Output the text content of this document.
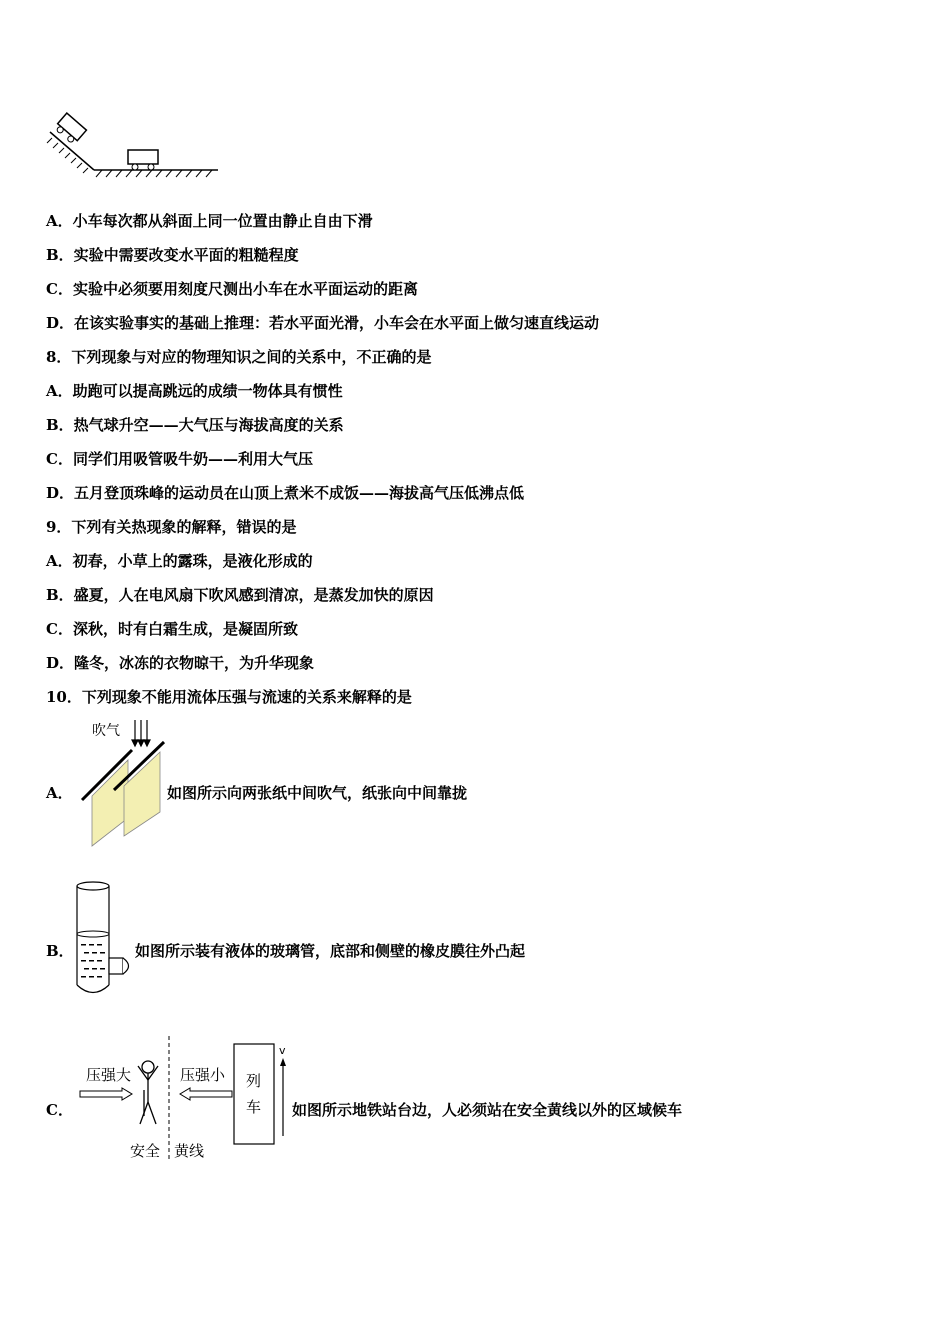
A．小车每次都从斜面上同一位置由静止自由下滑
B．实验中需要改变水平面的粗糙程度
C．实验中必须要用刻度尺测出小车在水平面运动的距离
D．在该实验事实的基础上推理：若水平面光滑，小车会在水平面上做匀速直线运动
8．下列现象与对应的物理知识之间的关系中，不正确的是
A．助跑可以提高跳远的成绩一物体具有惯性
B．热气球升空——大气压与海拔高度的关系
C．同学们用吸管吸牛奶——利用大气压
D．五月登顶珠峰的运动员在山顶上煮米不成饭——海拔高气压低沸点低
9．下列有关热现象的解释，错误的是
A．初春，小草上的露珠，是液化形成的
B．盛夏，人在电风扇下吹风感到清凉，是蒸发加快的原因
C．深秋，时有白霜生成，是凝固所致
D．隆冬，冰冻的衣物晾干，为升华现象
10．下列现象不能用流体压强与流速的关系来解释的是
A．
吹气
如图所示向两张纸中间吹气，纸张向中间靠拢
B．	如图所示装有液体的玻璃管，底部和侧壁的橡皮膜往外凸起
C．
压强大	压强小 列
车
v
安全 黄线
如图所示地铁站台边，人必须站在安全黄线以外的区域候车
